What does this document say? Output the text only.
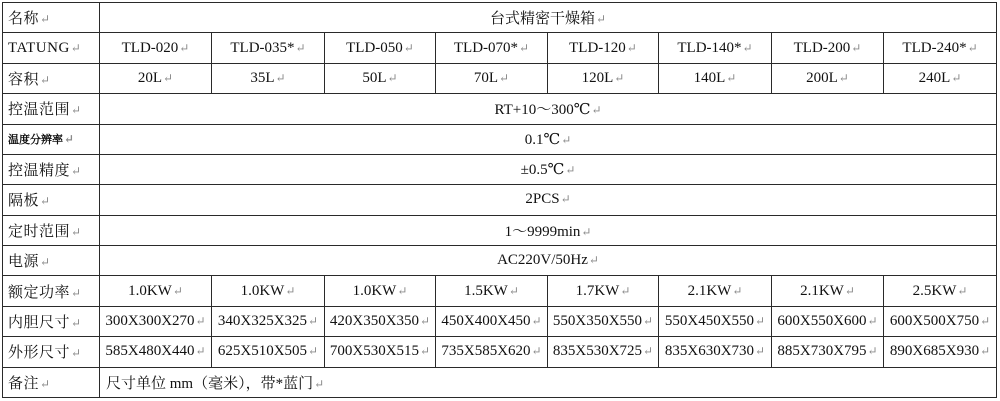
名称↵	台式精密干燥箱↵							
TATUNG↵	TLD-020↵	TLD-035*↵	TLD-050↵	TLD-070*↵	TLD-120↵	TLD-140*↵	TLD-200↵	TLD-240*↵
容积↵	20L↵	35L↵	50L↵	70L↵	120L↵	140L↵	200L↵	240L↵
控温范围↵	RT+10～300℃↵							
温度分辨率↵	0.1℃↵							
控温精度↵	±0.5℃↵							
隔板↵	2PCS↵							
定时范围↵	1～9999min↵							
电源↵	AC220V/50Hz↵							
额定功率↵	1.0KW↵	1.0KW↵	1.0KW↵	1.5KW↵	1.7KW↵	2.1KW↵	2.1KW↵	2.5KW↵
内胆尺寸↵	300X300X270↵	340X325X325↵	420X350X350↵	450X400X450↵	550X350X550↵	550X450X550↵	600X550X600↵	600X500X750↵
外形尺寸↵	585X480X440↵	625X510X505↵	700X530X515↵	735X585X620↵	835X530X725↵	835X630X730↵	885X730X795↵	890X685X930↵
备注↵	尺寸单位 mm（毫米），带*蓝门↵							
